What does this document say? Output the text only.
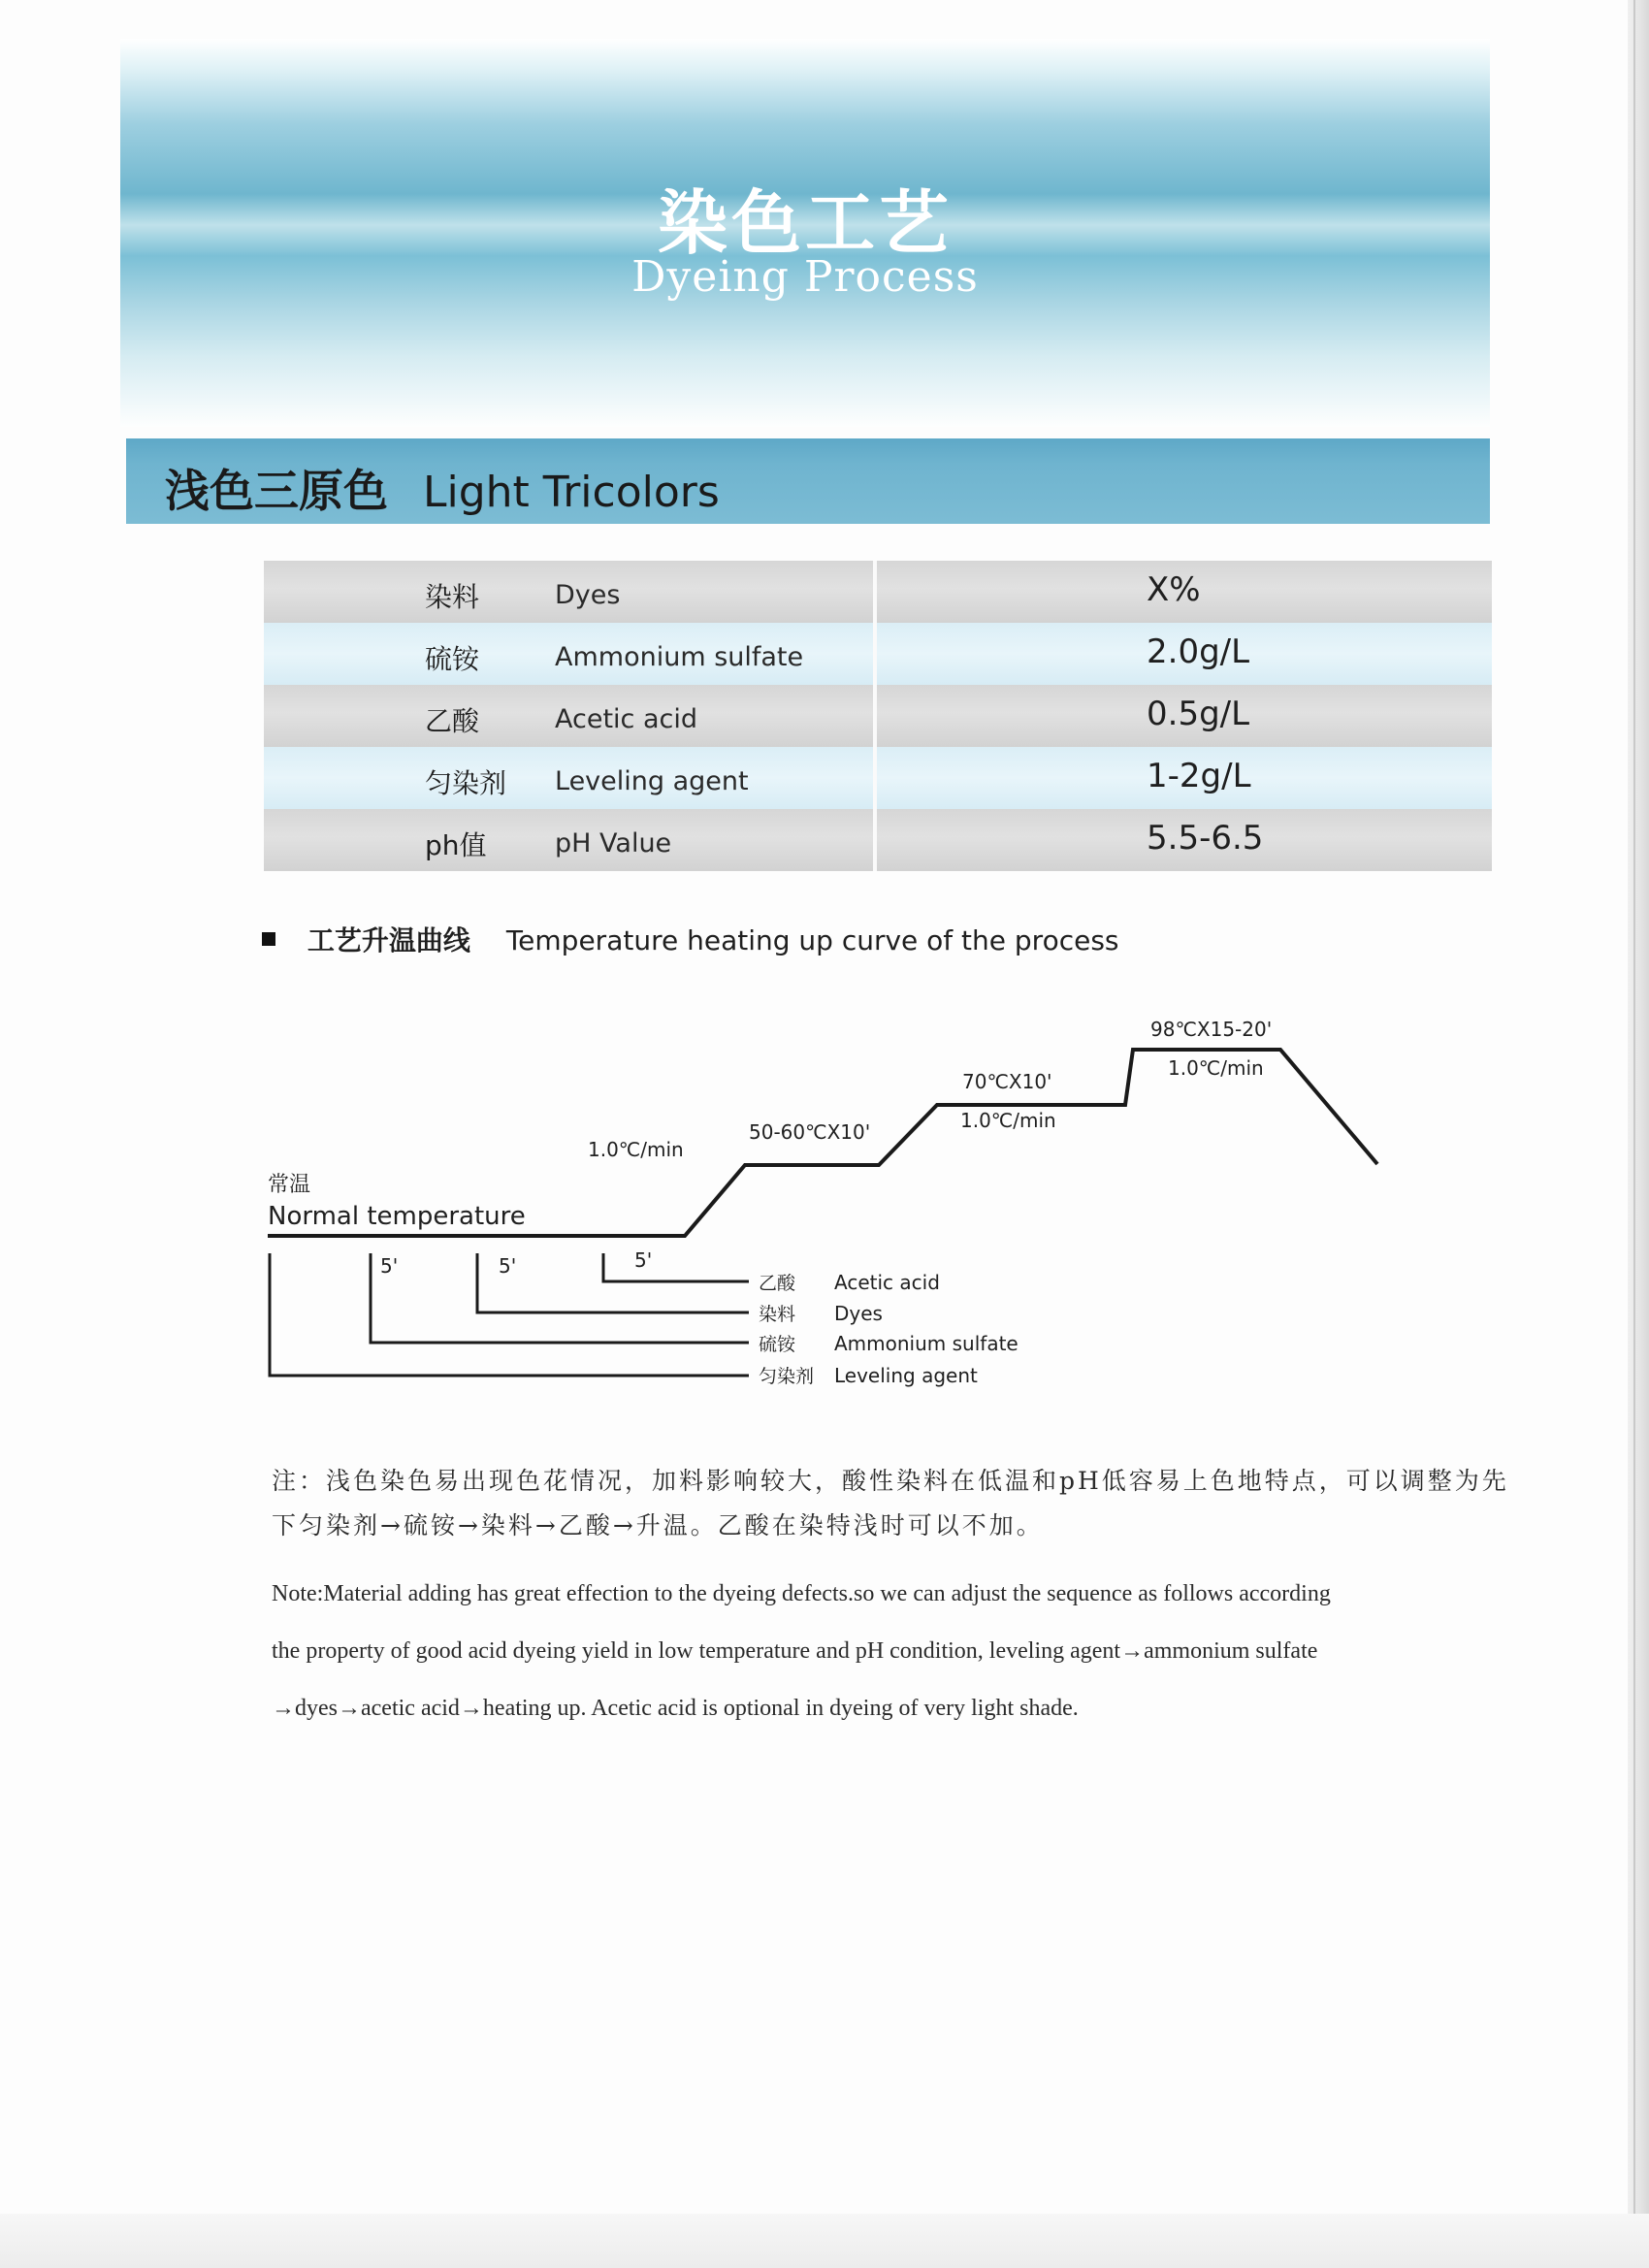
染色工艺
Dyeing Process
浅色三原色 Light Tricolors
染料	Dyes	X%
硫铵	Ammonium sulfate	2.0g/L
乙酸	Acetic acid	0.5g/L
匀染剂 Leveling agent	1-2g/L
ph值	pH Value	5.5-6.5
工艺升温曲线 Temperature heating up curve of the process
常温
Normal temperature
1.0℃/min
50-60℃X10'
70℃X10'
1.0℃/min
98℃X15-20'
1.0℃/min
5'	5'	5'
乙酸 Acetic acid
染料 Dyes
硫铵 Ammonium sulfate
匀染剂 Leveling agent
注：浅色染色易出现色花情况，加料影响较大，酸性染料在低温和pH低容易上色地特点，可以调整为先
下匀染剂→硫铵→染料→乙酸→升温。乙酸在染特浅时可以不加。
Note:Material adding has great effection to the dyeing defects.so we can adjust the sequence as follows according
the property of good acid dyeing yield in low temperature and pH condition, leveling agent→ammonium sulfate
→dyes→acetic acid→heating up. Acetic acid is optional in dyeing of very light shade.
